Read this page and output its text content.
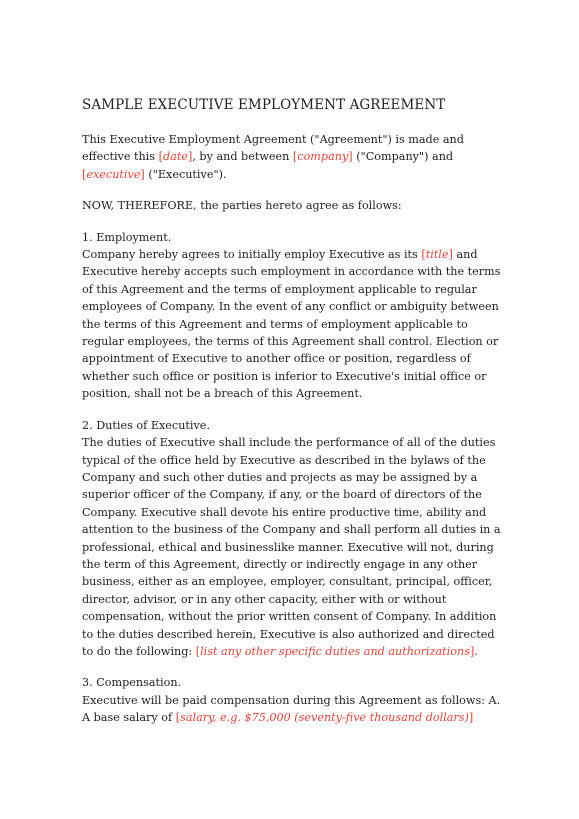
SAMPLE EXECUTIVE EMPLOYMENT AGREEMENT

This Executive Employment Agreement ("Agreement") is made and effective this [date], by and between [company] ("Company") and [executive] ("Executive").

NOW, THEREFORE, the parties hereto agree as follows:

1. Employment.
Company hereby agrees to initially employ Executive as its [title] and Executive hereby accepts such employment in accordance with the terms of this Agreement and the terms of employment applicable to regular employees of Company. In the event of any conflict or ambiguity between the terms of this Agreement and terms of employment applicable to regular employees, the terms of this Agreement shall control. Election or appointment of Executive to another office or position, regardless of whether such office or position is inferior to Executive's initial office or position, shall not be a breach of this Agreement.

2. Duties of Executive.
The duties of Executive shall include the performance of all of the duties typical of the office held by Executive as described in the bylaws of the Company and such other duties and projects as may be assigned by a superior officer of the Company, if any, or the board of directors of the Company. Executive shall devote his entire productive time, ability and attention to the business of the Company and shall perform all duties in a professional, ethical and businesslike manner. Executive will not, during the term of this Agreement, directly or indirectly engage in any other business, either as an employee, employer, consultant, principal, officer, director, advisor, or in any other capacity, either with or without compensation, without the prior written consent of Company. In addition to the duties described herein, Executive is also authorized and directed to do the following: [list any other specific duties and authorizations].

3. Compensation.
Executive will be paid compensation during this Agreement as follows: A. A base salary of [salary, e.g. $75,000 (seventy-five thousand dollars)]
